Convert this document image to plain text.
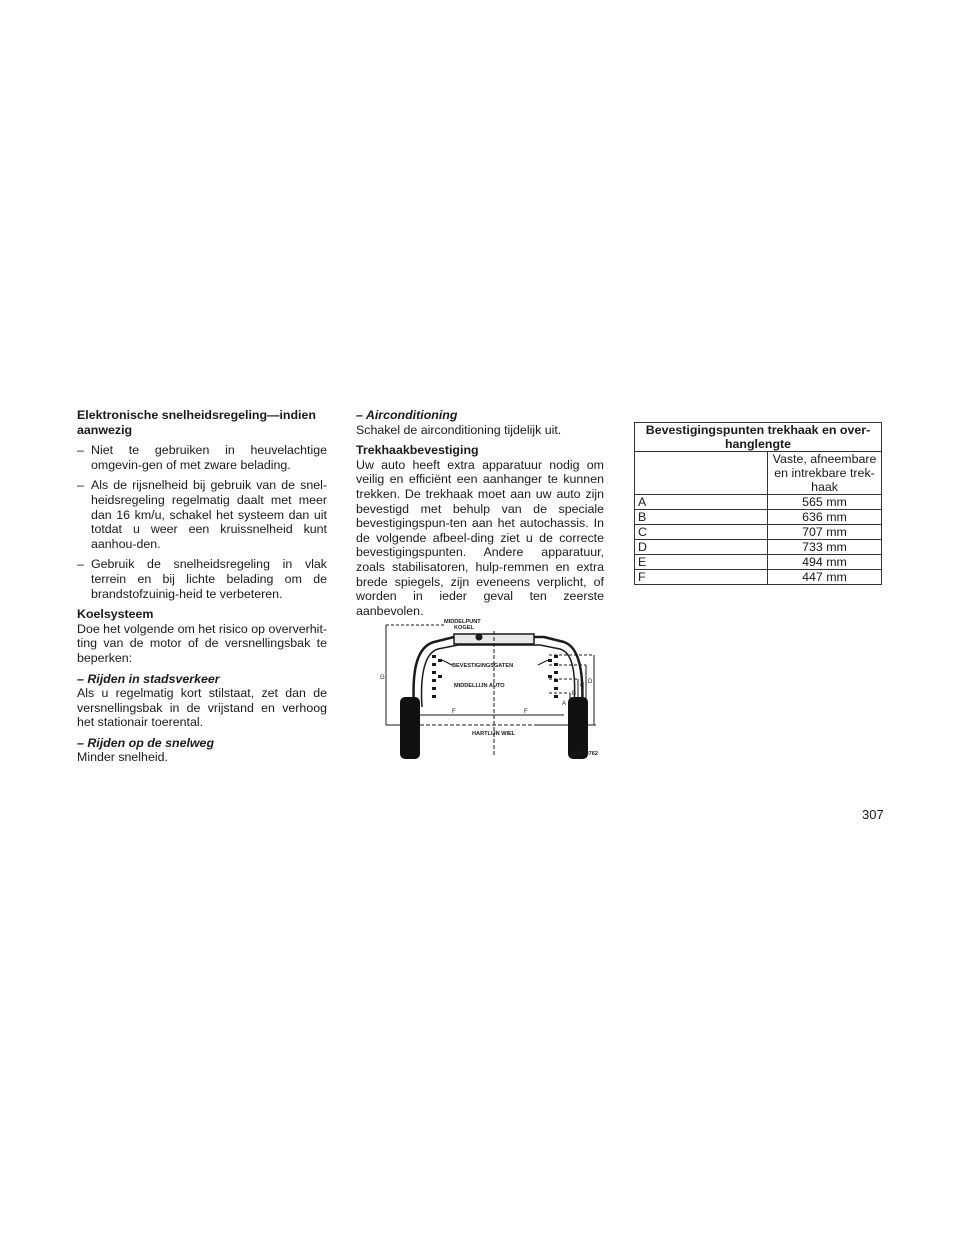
Elektronische snelheidsregeling—indien aanwezig
– Niet te gebruiken in heuvelachtige omgevin-gen of met zware belading.
– Als de rijsnelheid bij gebruik van de snel-heidsregeling regelmatig daalt met meer dan 16 km/u, schakel het systeem dan uit totdat u weer een kruissnelheid kunt aanhou-den.
– Gebruik de snelheidsregeling in vlak terrein en bij lichte belading om de brandstofzuinig-heid te verbeteren.
Koelsysteem

Doe het volgende om het risico op oververhit-ting van de motor of de versnellingsbak te beperken:

– Rijden in stadsverkeer

Als u regelmatig kort stilstaat, zet dan de versnellingsbak in de vrijstand en verhoog het stationair toerental.

– Rijden op de snelweg

Minder snelheid.

– Airconditioning

Schakel de airconditioning tijdelijk uit.

Trekhaakbevestiging

Uw auto heeft extra apparatuur nodig om veilig en efficiënt een aanhanger te kunnen trekken. De trekhaak moet aan uw auto zijn bevestigd met behulp van de speciale bevestigingspun-ten aan het autochassis. In de volgende afbeel-ding ziet u de correcte bevestigingspunten. Andere apparatuur, zoals stabilisatoren, hulp-remmen en extra brede spiegels, zijn eveneens verplicht, of worden in ieder geval ten zeerste aanbevolen.

MIDDELPUNT
KOGEL
BEVESTIGINGSGATEN
MIDDELLIJN AUTO
HARTLIJN WIEL
057010762
G
F	F
A
B
C
D
Bevestigingspunten trekhaak en over-hanglengte	
	Vaste, afneembare en intrekbare trek-haak
A	565 mm
B	636 mm
C	707 mm
D	733 mm
E	494 mm
F	447 mm
307
